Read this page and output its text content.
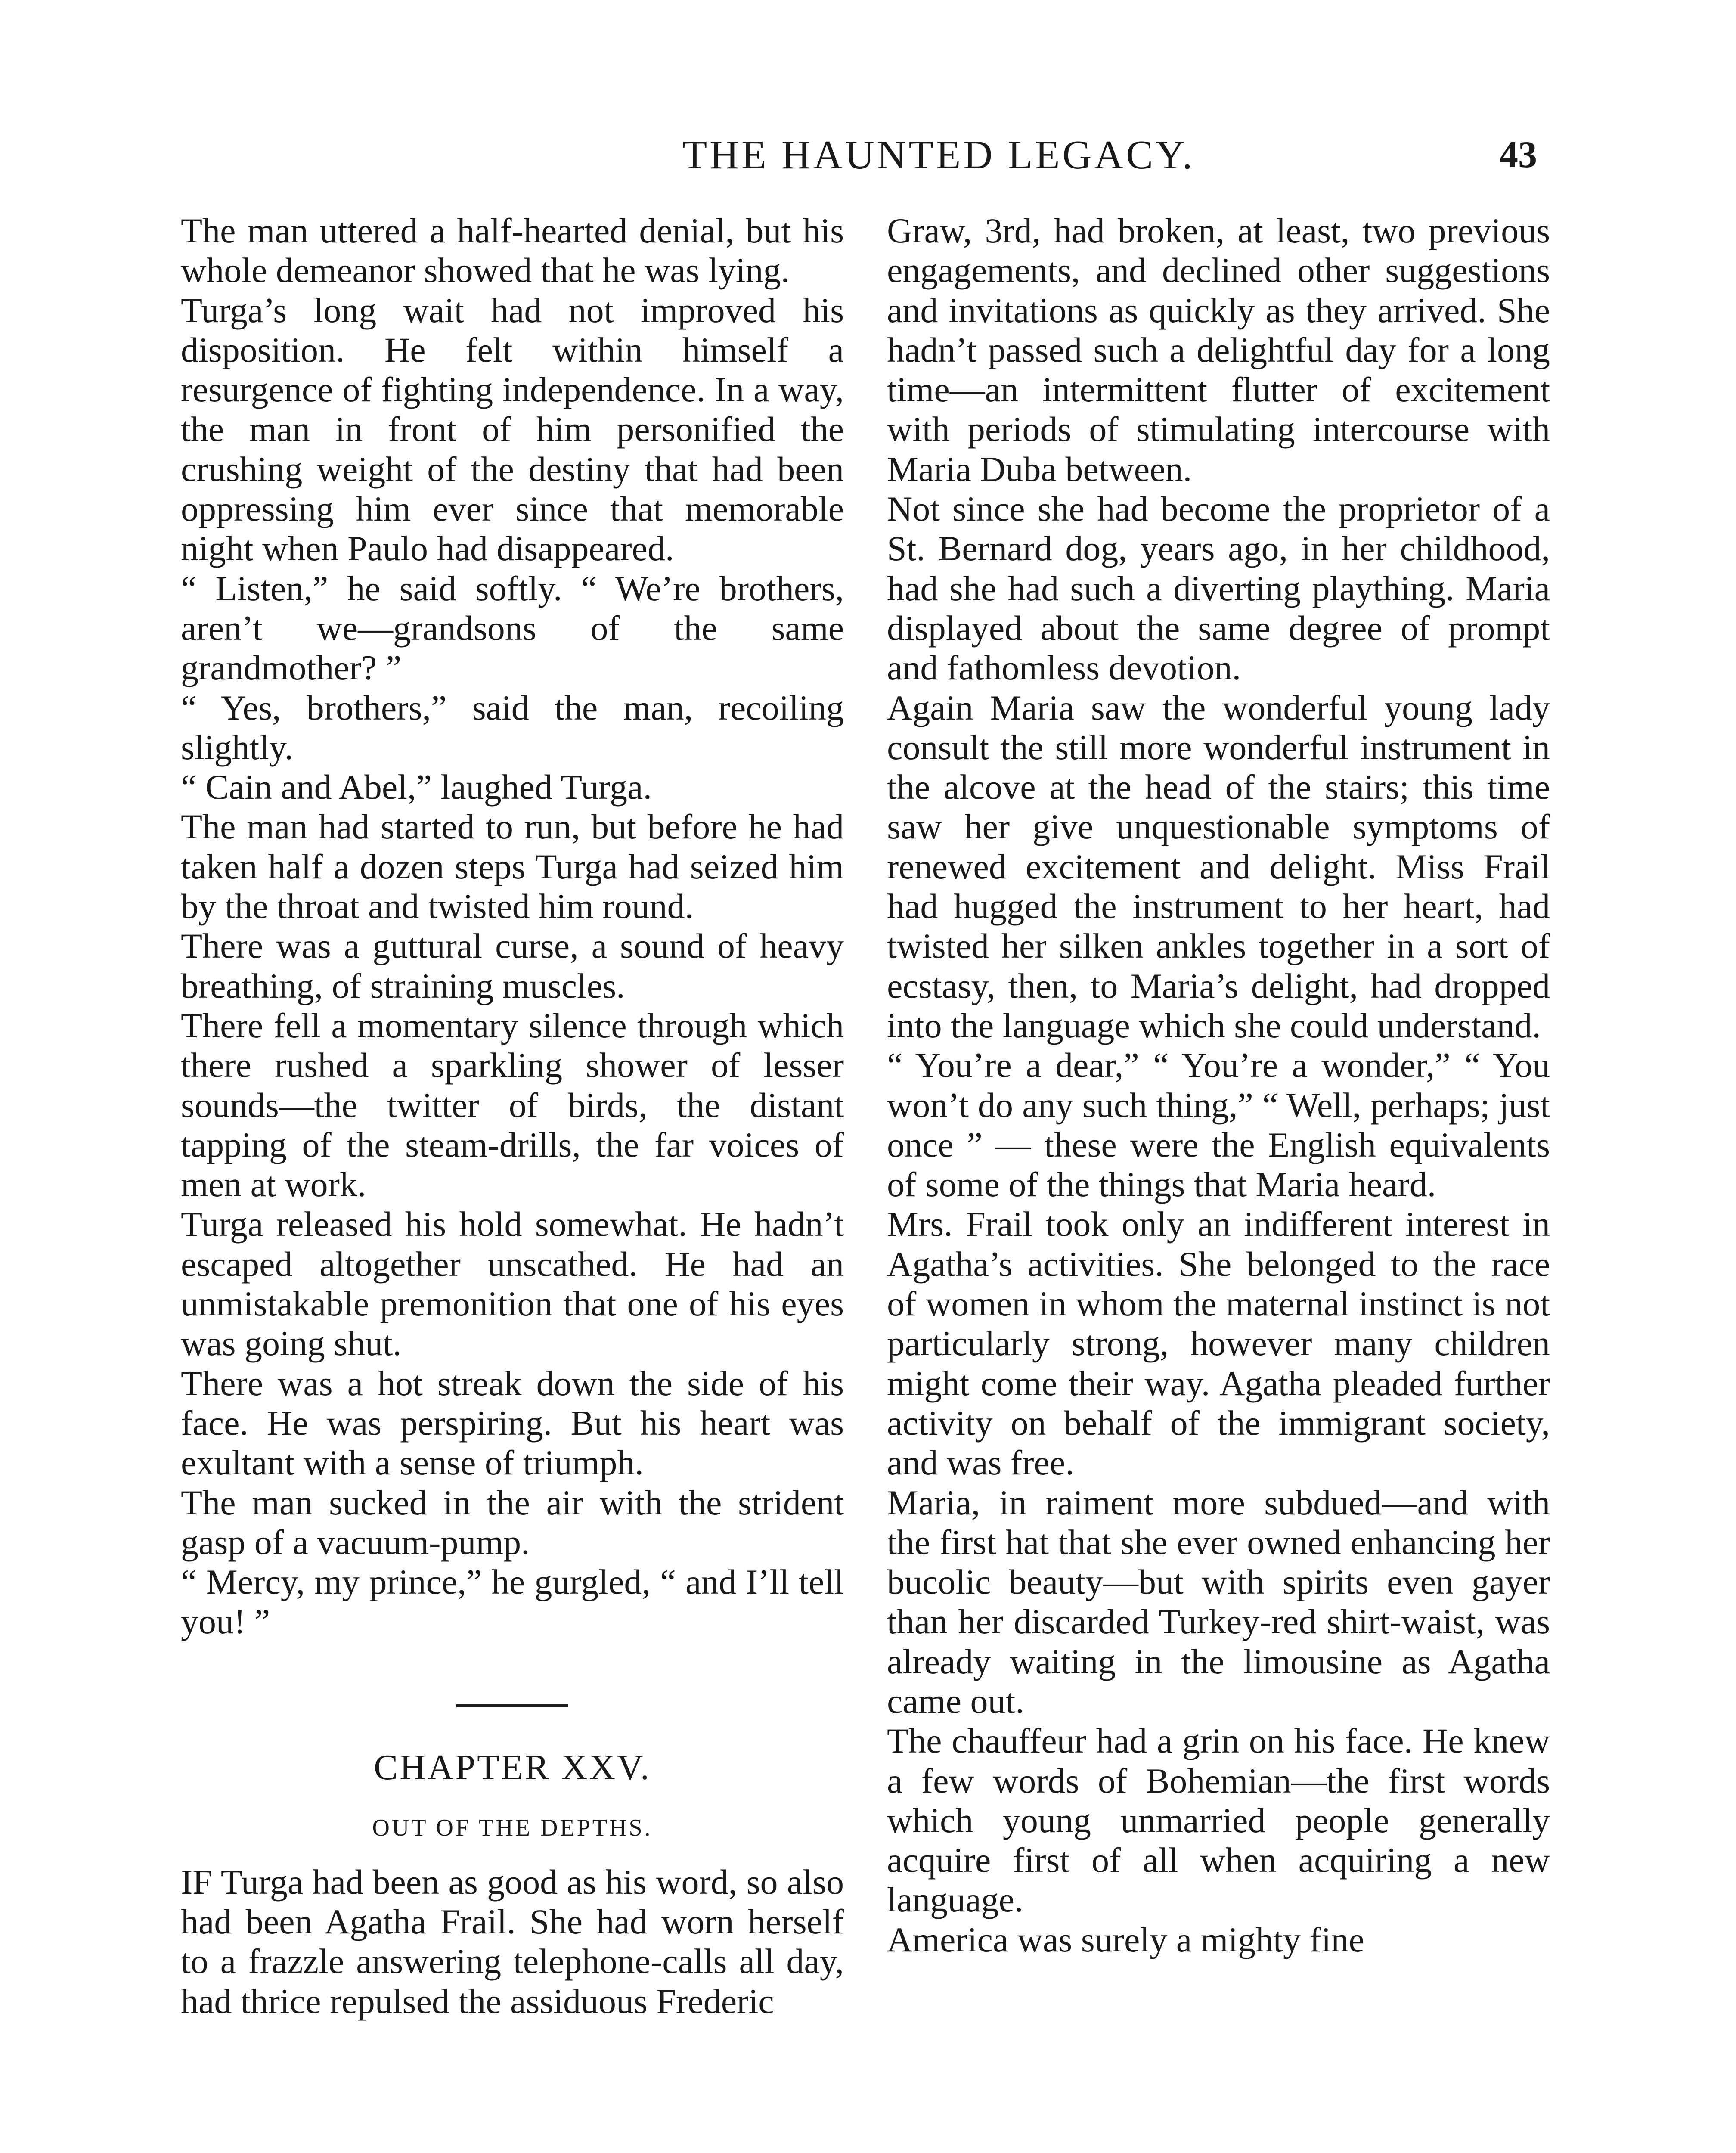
THE HAUNTED LEGACY.	43

The man uttered a half-hearted denial, but his whole demeanor showed that he was lying.

Turga’s long wait had not improved his disposition. He felt within himself a resurgence of fighting independence. In a way, the man in front of him personified the crushing weight of the destiny that had been oppressing him ever since that memorable night when Paulo had disappeared.

“ Listen,” he said softly. “ We’re brothers, aren’t we—grandsons of the same grandmother? ”

“ Yes, brothers,” said the man, recoiling slightly.

“ Cain and Abel,” laughed Turga.

The man had started to run, but before he had taken half a dozen steps Turga had seized him by the throat and twisted him round.

There was a guttural curse, a sound of heavy breathing, of straining muscles.

There fell a momentary silence through which there rushed a sparkling shower of lesser sounds—the twitter of birds, the distant tapping of the steam-drills, the far voices of men at work.

Turga released his hold somewhat. He hadn’t escaped altogether unscathed. He had an unmistakable premonition that one of his eyes was going shut.

There was a hot streak down the side of his face. He was perspiring. But his heart was exultant with a sense of triumph.

The man sucked in the air with the strident gasp of a vacuum-pump.

“ Mercy, my prince,” he gurgled, “ and I’ll tell you! ”

CHAPTER XXV.
OUT OF THE DEPTHS.

IF Turga had been as good as his word, so also had been Agatha Frail. She had worn herself to a frazzle answering telephone-calls all day, had thrice repulsed the assiduous Frederic

Graw, 3rd, had broken, at least, two previous engagements, and declined other suggestions and invitations as quickly as they arrived. She hadn’t passed such a delightful day for a long time—an intermittent flutter of excitement with periods of stimulating intercourse with Maria Duba between.

Not since she had become the proprietor of a St. Bernard dog, years ago, in her childhood, had she had such a diverting plaything. Maria displayed about the same degree of prompt and fathomless devotion.

Again Maria saw the wonderful young lady consult the still more wonderful instrument in the alcove at the head of the stairs; this time saw her give unquestionable symptoms of renewed excitement and delight. Miss Frail had hugged the instrument to her heart, had twisted her silken ankles together in a sort of ecstasy, then, to Maria’s delight, had dropped into the language which she could understand.

“ You’re a dear,” “ You’re a wonder,” “ You won’t do any such thing,” “ Well, perhaps; just once ” — these were the English equivalents of some of the things that Maria heard.

Mrs. Frail took only an indifferent interest in Agatha’s activities. She belonged to the race of women in whom the maternal instinct is not particularly strong, however many children might come their way. Agatha pleaded further activity on behalf of the immigrant society, and was free.

Maria, in raiment more subdued—and with the first hat that she ever owned enhancing her bucolic beauty—but with spirits even gayer than her discarded Turkey-red shirt-waist, was already waiting in the limousine as Agatha came out.

The chauffeur had a grin on his face. He knew a few words of Bohemian—the first words which young unmarried people generally acquire first of all when acquiring a new language.

America was surely a mighty fine
